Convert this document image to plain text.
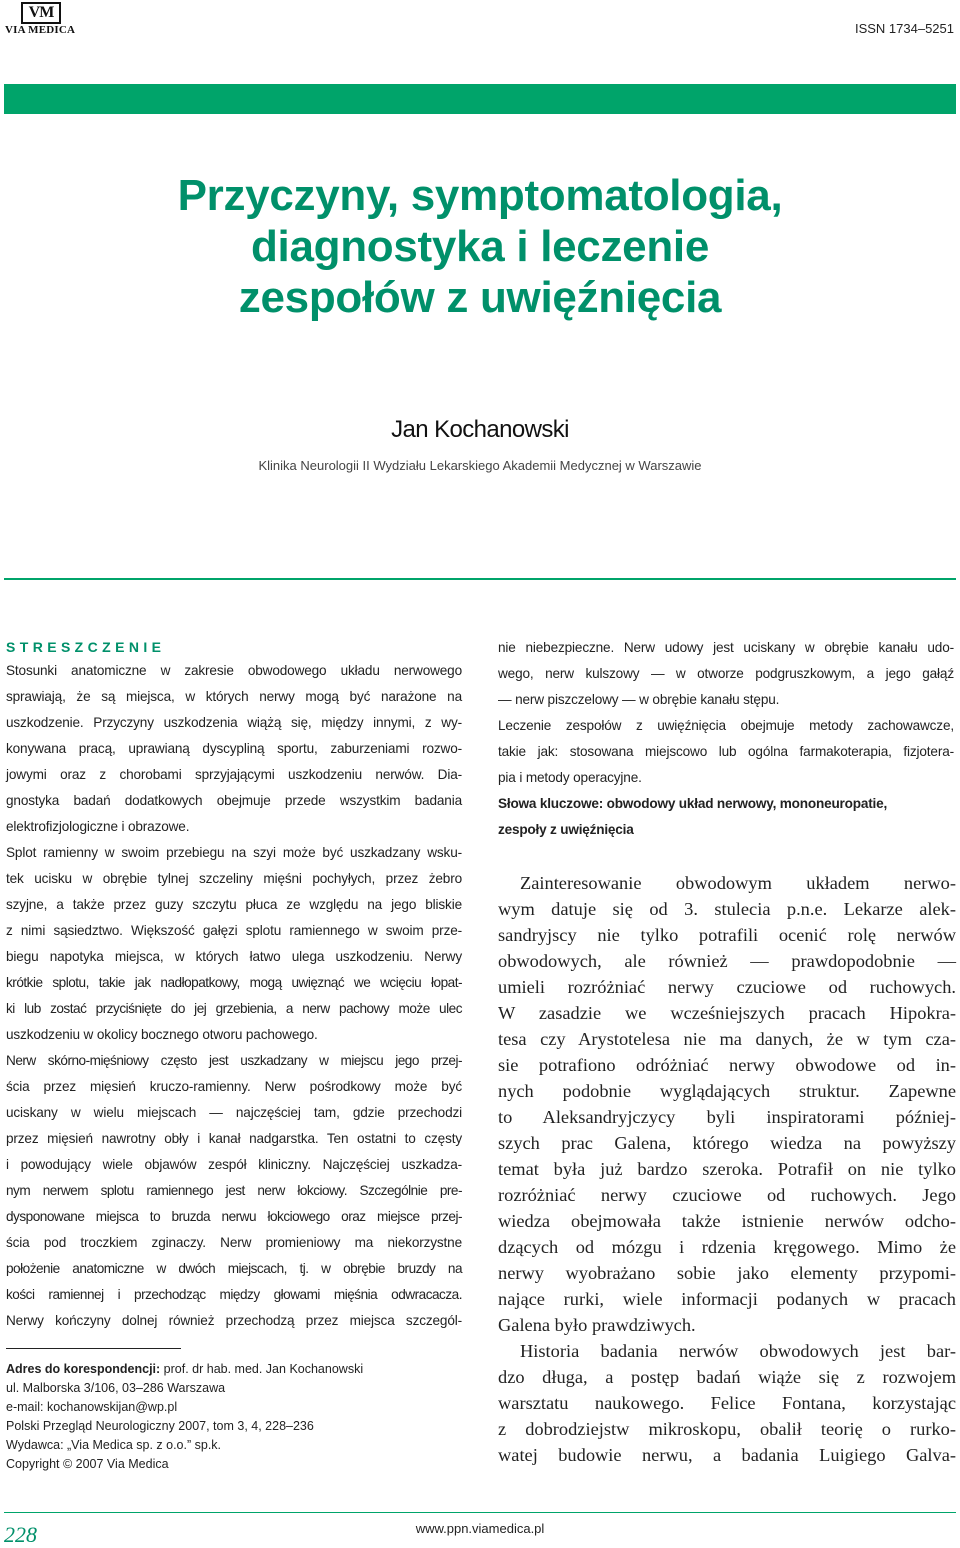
VM
VIA MEDICA	ISSN 1734–5251
Przyczyny, symptomatologia,
diagnostyka i leczenie
zespołów z uwięźnięcia
Jan Kochanowski
Klinika Neurologii II Wydziału Lekarskiego Akademii Medycznej w Warszawie
STRESZCZENIE
Stosunki anatomiczne w zakresie obwodowego układu nerwowego
sprawiają, że są miejsca, w których nerwy mogą być narażone na
uszkodzenie. Przyczyny uszkodzenia wiążą się, między innymi, z wy-
konywana pracą, uprawianą dyscypliną sportu, zaburzeniami rozwo-
jowymi oraz z chorobami sprzyjającymi uszkodzeniu nerwów. Dia-
gnostyka badań dodatkowych obejmuje przede wszystkim badania
elektrofizjologiczne i obrazowe.
Splot ramienny w swoim przebiegu na szyi może być uszkadzany wsku-
tek ucisku w obrębie tylnej szczeliny mięśni pochyłych, przez żebro
szyjne, a także przez guzy szczytu płuca ze względu na jego bliskie
z nimi sąsiedztwo. Większość gałęzi splotu ramiennego w swoim prze-
biegu napotyka miejsca, w których łatwo ulega uszkodzeniu. Nerwy
krótkie splotu, takie jak nadłopatkowy, mogą uwięznąć we wcięciu łopat-
ki lub zostać przyciśnięte do jej grzebienia, a nerw pachowy może ulec
uszkodzeniu w okolicy bocznego otworu pachowego.
Nerw skórno-mięśniowy często jest uszkadzany w miejscu jego przej-
ścia przez mięsień kruczo-ramienny. Nerw pośrodkowy może być
uciskany w wielu miejscach — najczęściej tam, gdzie przechodzi
przez mięsień nawrotny obły i kanał nadgarstka. Ten ostatni to częsty
i powodujący wiele objawów zespół kliniczny. Najczęściej uszkadza-
nym nerwem splotu ramiennego jest nerw łokciowy. Szczególnie pre-
dysponowane miejsca to bruzda nerwu łokciowego oraz miejsce przej-
ścia pod troczkiem zginaczy. Nerw promieniowy ma niekorzystne
położenie anatomiczne w dwóch miejscach, tj. w obrębie bruzdy na
kości ramiennej i przechodząc między głowami mięśnia odwracacza.
Nerwy kończyny dolnej również przechodzą przez miejsca szczegól-
nie niebezpieczne. Nerw udowy jest uciskany w obrębie kanału udo-
wego, nerw kulszowy — w otworze podgruszkowym, a jego gałąź
— nerw piszczelowy — w obrębie kanału stępu.
Leczenie zespołów z uwięźnięcia obejmuje metody zachowawcze,
takie jak: stosowana miejscowo lub ogólna farmakoterapia, fizjotera-
pia i metody operacyjne.
Słowa kluczowe: obwodowy układ nerwowy, mononeuropatie,
zespoły z uwięźnięcia
Zainteresowanie obwodowym układem nerwo-
wym datuje się od 3. stulecia p.n.e. Lekarze alek-
sandryjscy nie tylko potrafili ocenić rolę nerwów
obwodowych, ale również — prawdopodobnie —
umieli rozróżniać nerwy czuciowe od ruchowych.
W zasadzie we wcześniejszych pracach Hipokra-
tesa czy Arystotelesa nie ma danych, że w tym cza-
sie potrafiono odróżniać nerwy obwodowe od in-
nych podobnie wyglądających struktur. Zapewne
to Aleksandryjczycy byli inspiratorami później-
szych prac Galena, którego wiedza na powyższy
temat była już bardzo szeroka. Potrafił on nie tylko
rozróżniać nerwy czuciowe od ruchowych. Jego
wiedza obejmowała także istnienie nerwów odcho-
dzących od mózgu i rdzenia kręgowego. Mimo że
nerwy wyobrażano sobie jako elementy przypomi-
nające rurki, wiele informacji podanych w pracach
Galena było prawdziwych.
Historia badania nerwów obwodowych jest bar-
dzo długa, a postęp badań wiąże się z rozwojem
warsztatu naukowego. Felice Fontana, korzystając
z dobrodziejstw mikroskopu, obalił teorię o rurko-
watej budowie nerwu, a badania Luigiego Galva-
Adres do korespondencji: prof. dr hab. med. Jan Kochanowski
ul. Malborska 3/106, 03–286 Warszawa
e-mail: kochanowskijan@wp.pl
Polski Przegląd Neurologiczny 2007, tom 3, 4, 228–236
Wydawca: „Via Medica sp. z o.o.” sp.k.
Copyright © 2007 Via Medica
228	www.ppn.viamedica.pl
